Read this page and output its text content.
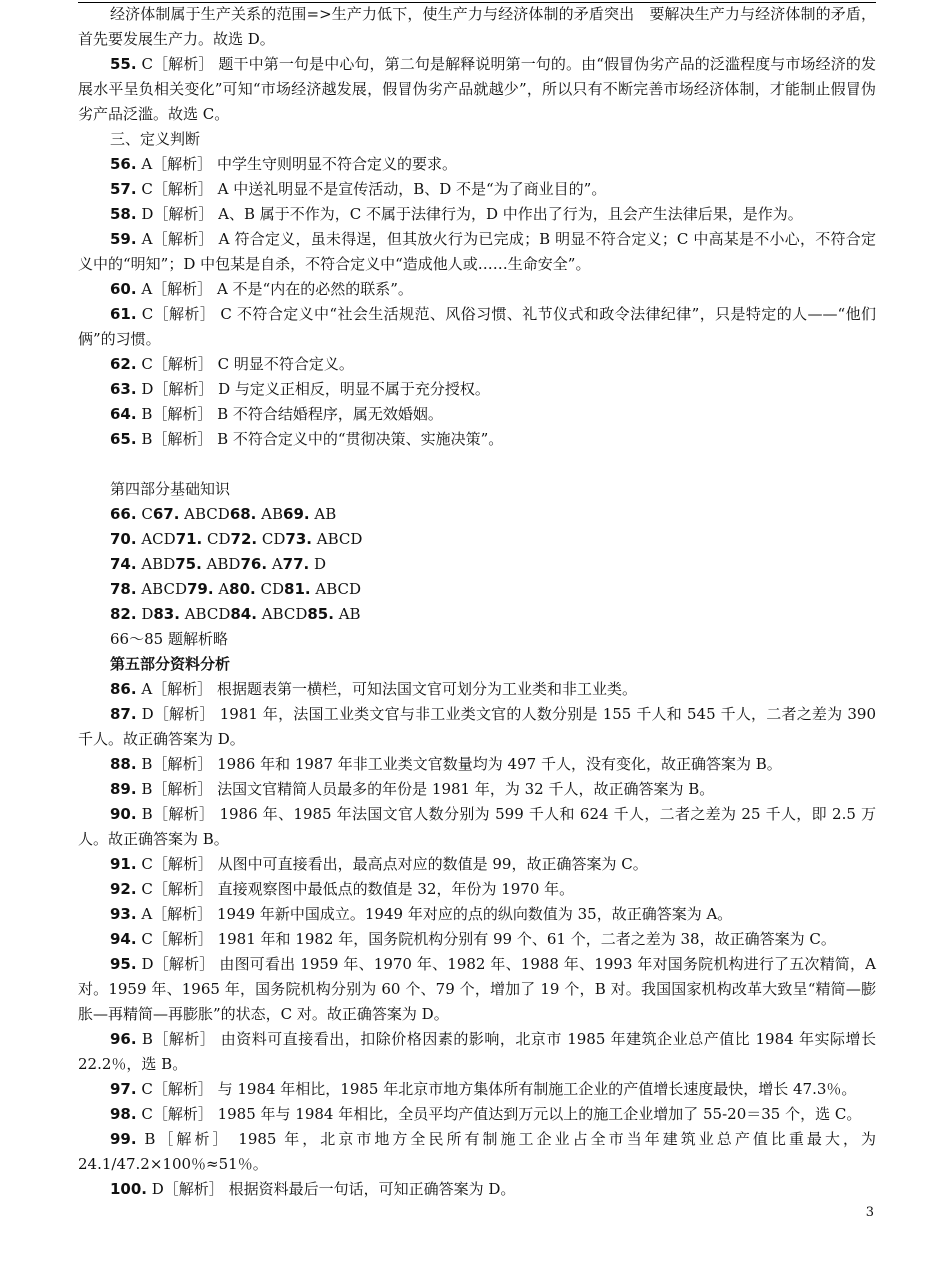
经济体制属于生产关系的范围=>生产力低下，使生产力与经济体制的矛盾突出　要解决生产力与经济体制的矛盾，首先要发展生产力。故选 D。

55. C［解析］ 题干中第一句是中心句，第二句是解释说明第一句的。由“假冒伪劣产品的泛滥程度与市场经济的发展水平呈负相关变化”可知“市场经济越发展，假冒伪劣产品就越少”，所以只有不断完善市场经济体制，才能制止假冒伪劣产品泛滥。故选 C。

三、定义判断

56. A［解析］ 中学生守则明显不符合定义的要求。

57. C［解析］ A 中送礼明显不是宣传活动，B、D 不是“为了商业目的”。

58. D［解析］ A、B 属于不作为，C 不属于法律行为，D 中作出了行为，且会产生法律后果，是作为。

59. A［解析］ A 符合定义，虽未得逞，但其放火行为已完成；B 明显不符合定义；C 中高某是不小心，不符合定义中的“明知”；D 中包某是自杀，不符合定义中“造成他人或……生命安全”。

60. A［解析］ A 不是“内在的必然的联系”。

61. C［解析］ C 不符合定义中“社会生活规范、风俗习惯、礼节仪式和政令法律纪律”，只是特定的人——“他们俩”的习惯。

62. C［解析］ C 明显不符合定义。

63. D［解析］ D 与定义正相反，明显不属于充分授权。

64. B［解析］ B 不符合结婚程序，属无效婚姻。

65. B［解析］ B 不符合定义中的“贯彻决策、实施决策”。

第四部分基础知识

66. C67. ABCD68. AB69. AB

70. ACD71. CD72. CD73. ABCD

74. ABD75. ABD76. A77. D

78. ABCD79. A80. CD81. ABCD

82. D83. ABCD84. ABCD85. AB

66～85 题解析略

第五部分资料分析

86. A［解析］ 根据题表第一横栏，可知法国文官可划分为工业类和非工业类。

87. D［解析］ 1981 年，法国工业类文官与非工业类文官的人数分别是 155 千人和 545 千人，二者之差为 390 千人。故正确答案为 D。

88. B［解析］ 1986 年和 1987 年非工业类文官数量均为 497 千人，没有变化，故正确答案为 B。

89. B［解析］ 法国文官精简人员最多的年份是 1981 年，为 32 千人，故正确答案为 B。

90. B［解析］ 1986 年、1985 年法国文官人数分别为 599 千人和 624 千人，二者之差为 25 千人，即 2.5 万人。故正确答案为 B。

91. C［解析］ 从图中可直接看出，最高点对应的数值是 99，故正确答案为 C。

92. C［解析］ 直接观察图中最低点的数值是 32，年份为 1970 年。

93. A［解析］ 1949 年新中国成立。1949 年对应的点的纵向数值为 35，故正确答案为 A。

94. C［解析］ 1981 年和 1982 年，国务院机构分别有 99 个、61 个，二者之差为 38，故正确答案为 C。

95. D［解析］ 由图可看出 1959 年、1970 年、1982 年、1988 年、1993 年对国务院机构进行了五次精简，A 对。1959 年、1965 年，国务院机构分别为 60 个、79 个，增加了 19 个，B 对。我国国家机构改革大致呈“精简—膨胀—再精简—再膨胀”的状态，C 对。故正确答案为 D。

96. B［解析］ 由资料可直接看出，扣除价格因素的影响，北京市 1985 年建筑企业总产值比 1984 年实际增长 22.2％，选 B。

97. C［解析］ 与 1984 年相比，1985 年北京市地方集体所有制施工企业的产值增长速度最快，增长 47.3％。

98. C［解析］ 1985 年与 1984 年相比，全员平均产值达到万元以上的施工企业增加了 55-20＝35 个，选 C。

99. B［解析］ 1985 年，北京市地方全民所有制施工企业占全市当年建筑业总产值比重最大，为 24.1/47.2×100％≈51％。

100. D［解析］ 根据资料最后一句话，可知正确答案为 D。

3
